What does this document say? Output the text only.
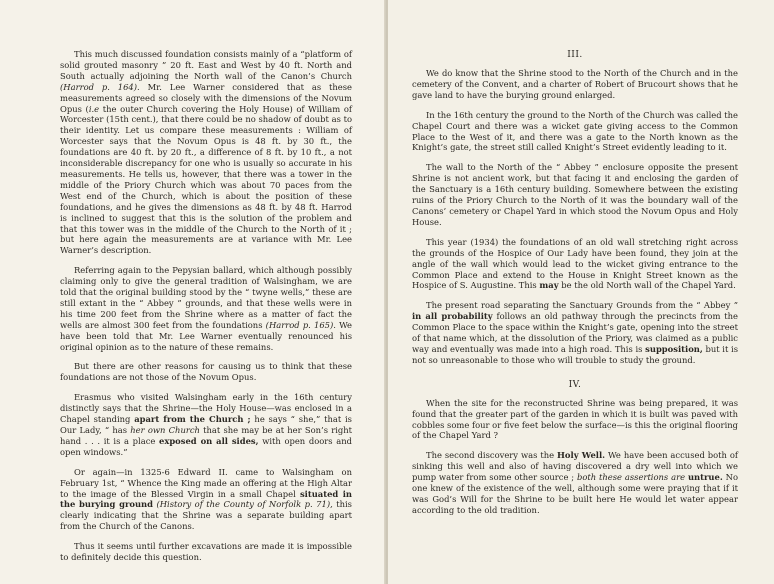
This much discussed foundation consists mainly of a “platform of solid grouted masonry ” 20 ft. East and West by 40 ft. North and South actually adjoining the North wall of the Canon’s Church (Harrod p. 164). Mr. Lee Warner considered that as these measurements agreed so closely with the dimensions of the Novum Opus (i.e the outer Church covering the Holy House) of William of Worcester (15th cent.), that there could be no shadow of doubt as to their identity. Let us compare these measurements : William of Worcester says that the Novum Opus is 48 ft. by 30 ft., the foundations are 40 ft. by 20 ft., a difference of 8 ft. by 10 ft., a not inconsiderable discrepancy for one who is usually so accurate in his measurements. He tells us, however, that there was a tower in the middle of the Priory Church which was about 70 paces from the West end of the Church, which is about the position of these foundations, and he gives the dimensions as 48 ft. by 48 ft. Harrod is inclined to suggest that this is the solution of the problem and that this tower was in the middle of the Church to the North of it ; but here again the measurements are at variance with Mr. Lee Warner’s description.

Referring again to the Pepysian ballard, which although possibly claiming only to give the general tradition of Walsingham, we are told that the original building stood by the “ twyne wells,” these are still extant in the “ Abbey ” grounds, and that these wells were in his time 200 feet from the Shrine where as a matter of fact the wells are almost 300 feet from the foundations (Harrod p. 165). We have been told that Mr. Lee Warner eventually renounced his original opinion as to the nature of these remains.

But there are other reasons for causing us to think that these foundations are not those of the Novum Opus.

Erasmus who visited Walsingham early in the 16th century distinctly says that the Shrine—the Holy House—was enclosed in a Chapel standing apart from the Church ; he says “ she,” that is Our Lady, “ has her own Church that she may be at her Son’s right hand . . . it is a place exposed on all sides, with open doors and open windows.”

Or again—in 1325-6 Edward II. came to Walsingham on February 1st, “ Whence the King made an offering at the High Altar to the image of the Blessed Virgin in a small Chapel situated in the burying ground (History of the County of Norfolk p. 71), this clearly indicating that the Shrine was a separate building apart from the Church of the Canons.

Thus it seems until further excavations are made it is impossible to definitely decide this question.

III.

We do know that the Shrine stood to the North of the Church and in the cemetery of the Convent, and a charter of Robert of Brucourt shows that he gave land to have the burying ground enlarged.

In the 16th century the ground to the North of the Church was called the Chapel Court and there was a wicket gate giving access to the Common Place to the West of it, and there was a gate to the North known as the Knight’s gate, the street still called Knight’s Street evidently leading to it.

The wall to the North of the “ Abbey ” enclosure opposite the present Shrine is not ancient work, but that facing it and enclosing the garden of the Sanctuary is a 16th century building. Somewhere between the existing ruins of the Priory Church to the North of it was the boundary wall of the Canons’ cemetery or Chapel Yard in which stood the Novum Opus and Holy House.

This year (1934) the foundations of an old wall stretching right across the grounds of the Hospice of Our Lady have been found, they join at the angle of the wall which would lead to the wicket giving entrance to the Common Place and extend to the House in Knight Street known as the Hospice of S. Augustine. This may be the old North wall of the Chapel Yard.

The present road separating the Sanctuary Grounds from the “ Abbey ” in all probability follows an old pathway through the precincts from the Common Place to the space within the Knight’s gate, opening into the street of that name which, at the dissolution of the Priory, was claimed as a public way and eventually was made into a high road. This is supposition, but it is not so unreasonable to those who will trouble to study the ground.

IV.

When the site for the reconstructed Shrine was being prepared, it was found that the greater part of the garden in which it is built was paved with cobbles some four or five feet below the surface—is this the original flooring of the Chapel Yard ?

The second discovery was the Holy Well. We have been accused both of sinking this well and also of having discovered a dry well into which we pump water from some other source ; both these assertions are untrue. No one knew of the existence of the well, although some were praying that if it was God’s Will for the Shrine to be built here He would let water appear according to the old tradition.
